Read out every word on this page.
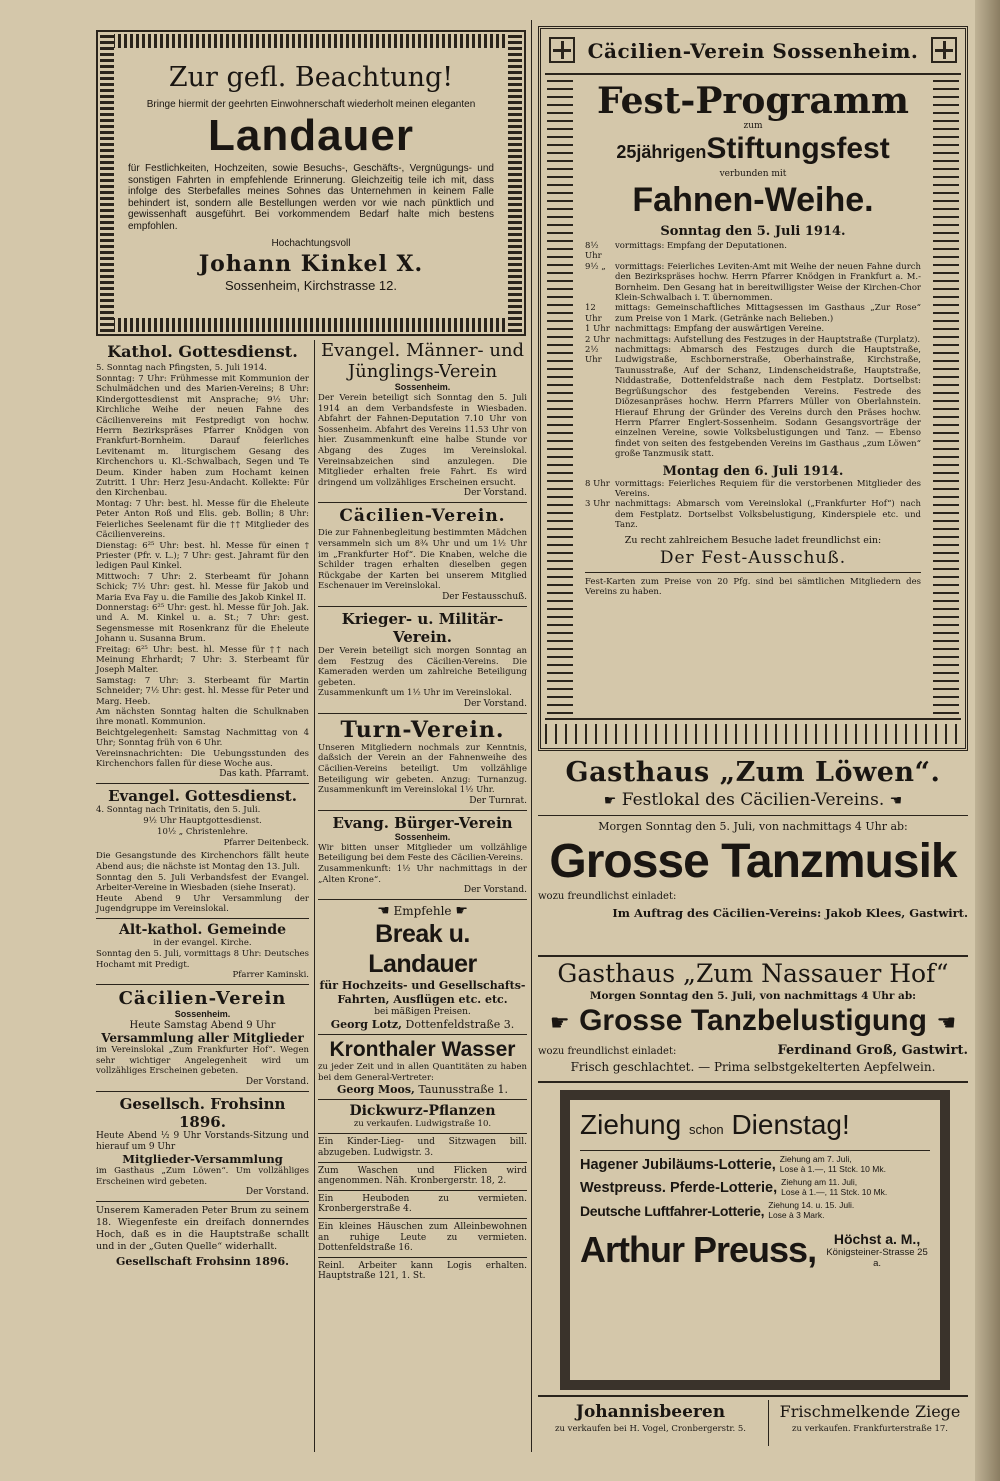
Zur gefl. Beachtung!
Bringe hiermit der geehrten Einwohnerschaft wiederholt meinen eleganten
Landauer
für Festlichkeiten, Hochzeiten, sowie Besuchs-, Geschäfts-, Vergnügungs- und sonstigen Fahrten in empfehlende Erinnerung. Gleichzeitig teile ich mit, dass infolge des Sterbefalles meines Sohnes das Unternehmen in keinem Falle behindert ist, sondern alle Bestellungen werden vor wie nach pünktlich und gewissenhaft ausgeführt. Bei vorkommendem Bedarf halte mich bestens empfohlen.
Hochachtungsvoll
Johann Kinkel X.
Sossenheim, Kirchstrasse 12.
Kathol. Gottesdienst.
5. Sonntag nach Pfingsten, 5. Juli 1914.
Sonntag: 7 Uhr: Frühmesse mit Kommunion der Schulmädchen und des Marien-Vereins; 8 Uhr: Kindergottesdienst mit Ansprache; 9½ Uhr: Kirchliche Weihe der neuen Fahne des Cäcilienvereins mit Festpredigt von hochw. Herrn Bezirkspräses Pfarrer Knödgen von Frankfurt-Bornheim. Darauf feierliches Levitenamt m. liturgischem Gesang des Kirchenchors u. Kl.-Schwalbach, Segen und Te Deum. Kinder haben zum Hochamt keinen Zutritt. 1 Uhr: Herz Jesu-Andacht. Kollekte: Für den Kirchenbau.
Montag: 7 Uhr: best. hl. Messe für die Eheleute Peter Anton Roß und Elis. geb. Bollin; 8 Uhr: Feierliches Seelenamt für die †† Mitglieder des Cäcilienvereins.
Dienstag: 6²⁵ Uhr: best. hl. Messe für einen † Priester (Pfr. v. L.); 7 Uhr: gest. Jahramt für den ledigen Paul Kinkel.
Mittwoch: 7 Uhr: 2. Sterbeamt für Johann Schick; 7½ Uhr: gest. hl. Messe für Jakob und Maria Eva Fay u. die Familie des Jakob Kinkel II.
Donnerstag: 6²⁵ Uhr: gest. hl. Messe für Joh. Jak. und A. M. Kinkel u. a. St.; 7 Uhr: gest. Segensmesse mit Rosenkranz für die Eheleute Johann u. Susanna Brum.
Freitag: 6²⁵ Uhr: best. hl. Messe für †† nach Meinung Ehrhardt; 7 Uhr: 3. Sterbeamt für Joseph Malter.
Samstag: 7 Uhr: 3. Sterbeamt für Martin Schneider; 7½ Uhr: gest. hl. Messe für Peter und Marg. Heeb.
Am nächsten Sonntag halten die Schulknaben ihre monatl. Kommunion.
Beichtgelegenheit: Samstag Nachmittag von 4 Uhr; Sonntag früh von 6 Uhr.
Vereinsnachrichten: Die Uebungsstunden des Kirchenchors fallen für diese Woche aus.
Das kath. Pfarramt.
Evangel. Gottesdienst.
4. Sonntag nach Trinitatis, den 5. Juli.
9½ Uhr Hauptgottesdienst.
10½ „ Christenlehre.
Pfarrer Deitenbeck.
Die Gesangstunde des Kirchenchors fällt heute Abend aus; die nächste ist Montag den 13. Juli.
Sonntag den 5. Juli Verbandsfest der Evangel. Arbeiter-Vereine in Wiesbaden (siehe Inserat).
Heute Abend 9 Uhr Versammlung der Jugendgruppe im Vereinslokal.
Alt-kathol. Gemeinde
in der evangel. Kirche.
Sonntag den 5. Juli, vormittags 8 Uhr: Deutsches Hochamt mit Predigt.
Pfarrer Kaminski.
Cäcilien-Verein
Sossenheim.
Heute Samstag Abend 9 Uhr
Versammlung aller Mitglieder
im Vereinslokal „Zum Frankfurter Hof“. Wegen sehr wichtiger Angelegenheit wird um vollzähliges Erscheinen gebeten.
Der Vorstand.
Gesellsch. Frohsinn 1896.
Heute Abend ½ 9 Uhr Vorstands-Sitzung und hierauf um 9 Uhr
Mitglieder-Versammlung
im Gasthaus „Zum Löwen“. Um vollzähliges Erscheinen wird gebeten.
Der Vorstand.
Unserem Kameraden Peter Brum zu seinem 18. Wiegenfeste ein dreifach donnerndes Hoch, daß es in die Hauptstraße schallt und in der „Guten Quelle“ widerhallt.
Gesellschaft Frohsinn 1896.
Evangel. Männer- und Jünglings-Verein
Sossenheim.
Der Verein beteiligt sich Sonntag den 5. Juli 1914 an dem Verbandsfeste in Wiesbaden. Abfahrt der Fahnen-Deputation 7.10 Uhr von Sossenheim. Abfahrt des Vereins 11.53 Uhr von hier. Zusammenkunft eine halbe Stunde vor Abgang des Zuges im Vereinslokal. Vereinsabzeichen sind anzulegen. Die Mitglieder erhalten freie Fahrt. Es wird dringend um vollzähliges Erscheinen ersucht.
Der Vorstand.
Cäcilien-Verein.
Die zur Fahnenbegleitung bestimmten Mädchen versammeln sich um 8¾ Uhr und um 1½ Uhr im „Frankfurter Hof“. Die Knaben, welche die Schilder tragen erhalten dieselben gegen Rückgabe der Karten bei unserem Mitglied Eschenauer im Vereinslokal.
Der Festausschuß.
Krieger- u. Militär-Verein.
Der Verein beteiligt sich morgen Sonntag an dem Festzug des Cäcilien-Vereins. Die Kameraden werden um zahlreiche Beteiligung gebeten.
Zusammenkunft um 1½ Uhr im Vereinslokal.
Der Vorstand.
Turn-Verein.
Unseren Mitgliedern nochmals zur Kenntnis, daßsich der Verein an der Fahnenweihe des Cäcilien-Vereins beteiligt. Um vollzählige Beteiligung wir gebeten. Anzug: Turnanzug. Zusammenkunft im Vereinslokal 1½ Uhr.
Der Turnrat.
Evang. Bürger-Verein
Sossenheim.
Wir bitten unser Mitglieder um vollzählige Beteiligung bei dem Feste des Cäcilien-Vereins.
Zusammenkunft: 1½ Uhr nachmittags in der „Alten Krone“.
Der Vorstand.
☚ Empfehle ☛
Break u. Landauer
für Hochzeits- und Gesellschafts-Fahrten, Ausflügen etc. etc.
bei mäßigen Preisen.
Georg Lotz, Dottenfeldstraße 3.
Kronthaler Wasser
zu jeder Zeit und in allen Quantitäten zu haben bei dem General-Vertreter:
Georg Moos, Taunusstraße 1.
Dickwurz-Pflanzen
zu verkaufen. Ludwigstraße 10.
Ein Kinder-Lieg- und Sitzwagen bill. abzugeben. Ludwigstr. 3.
Zum Waschen und Flicken wird angenommen. Näh. Kronbergerstr. 18, 2.
Ein Heuboden zu vermieten. Kronbergerstraße 4.
Ein kleines Häuschen zum Alleinbewohnen an ruhige Leute zu vermieten. Dottenfeldstraße 16.
Reinl. Arbeiter kann Logis erhalten. Hauptstraße 121, 1. St.
Cäcilien-Verein Sossenheim.
Fest-Programm
zum
25jährigenStiftungsfest
verbunden mit
Fahnen-Weihe.
Sonntag den 5. Juli 1914.
8½ Uhr
vormittags: Empfang der Deputationen.
9½ „	vormittags: Feierliches Leviten-Amt mit Weihe der neuen Fahne durch den Bezirkspräses hochw. Herrn Pfarrer Knödgen in Frankfurt a. M.-Bornheim. Den Gesang hat in bereitwilligster Weise der Kirchen-Chor Klein-Schwalbach i. T. übernommen.
12 Uhr
mittags: Gemeinschaftliches Mittagsessen im Gasthaus „Zur Rose“ zum Preise von 1 Mark. (Getränke nach Belieben.)
1 Uhr nachmittags: Empfang der auswärtigen Vereine.
2 Uhr nachmittags: Aufstellung des Festzuges in der Hauptstraße (Turplatz).
2½ Uhr
nachmittags: Abmarsch des Festzuges durch die Hauptstraße, Ludwigstraße, Eschbornerstraße, Oberhainstraße, Kirchstraße, Taunusstraße, Auf der Schanz, Lindenscheidstraße, Hauptstraße, Niddastraße, Dottenfeldstraße nach dem Festplatz. Dortselbst: Begrüßungschor des festgebenden Vereins. Festrede des Diözesanpräses hochw. Herrn Pfarrers Müller von Oberlahnstein. Hierauf Ehrung der Gründer des Vereins durch den Präses hochw. Herrn Pfarrer Englert-Sossenheim. Sodann Gesangsvorträge der einzelnen Vereine, sowie Volksbelustigungen und Tanz. — Ebenso findet von seiten des festgebenden Vereins im Gasthaus „zum Löwen“ große Tanzmusik statt.
Montag den 6. Juli 1914.
8 Uhr vormittags: Feierliches Requiem für die verstorbenen Mitglieder des Vereins.
3 Uhr nachmittags: Abmarsch vom Vereinslokal („Frankfurter Hof“) nach dem Festplatz. Dortselbst Volksbelustigung, Kinderspiele etc. und Tanz.
Zu recht zahlreichem Besuche ladet freundlichst ein:
Der Fest-Ausschuß.
Fest-Karten zum Preise von 20 Pfg. sind bei sämtlichen Mitgliedern des Vereins zu haben.
Gasthaus „Zum Löwen“.
☛ Festlokal des Cäcilien-Vereins. ☚
Morgen Sonntag den 5. Juli, von nachmittags 4 Uhr ab:
Grosse Tanzmusik
wozu freundlichst einladet:
Im Auftrag des Cäcilien-Vereins: Jakob Klees, Gastwirt.
Gasthaus „Zum Nassauer Hof“
Morgen Sonntag den 5. Juli, von nachmittags 4 Uhr ab:
☛ Grosse Tanzbelustigung ☚
wozu freundlichst einladet:	Ferdinand Groß, Gastwirt.
Frisch geschlachtet. — Prima selbstgekelterten Aepfelwein.
Ziehung schon Dienstag!
Hagener Jubiläums-Lotterie, Ziehung am 7. Juli,
Lose à 1.—, 11 Stck. 10 Mk.
Westpreuss. Pferde-Lotterie, Ziehung am 11. Juli,
Lose à 1.—, 11 Stck. 10 Mk.
Deutsche Luftfahrer-Lotterie, Ziehung 14. u. 15. Juli.
Lose à 3 Mark.
Arthur Preuss,	Höchst a. M.,
Königsteiner-Strasse 25 a.
Johannisbeeren
zu verkaufen bei H. Vogel, Cronbergerstr. 5.
Frischmelkende Ziege
zu verkaufen. Frankfurterstraße 17.
